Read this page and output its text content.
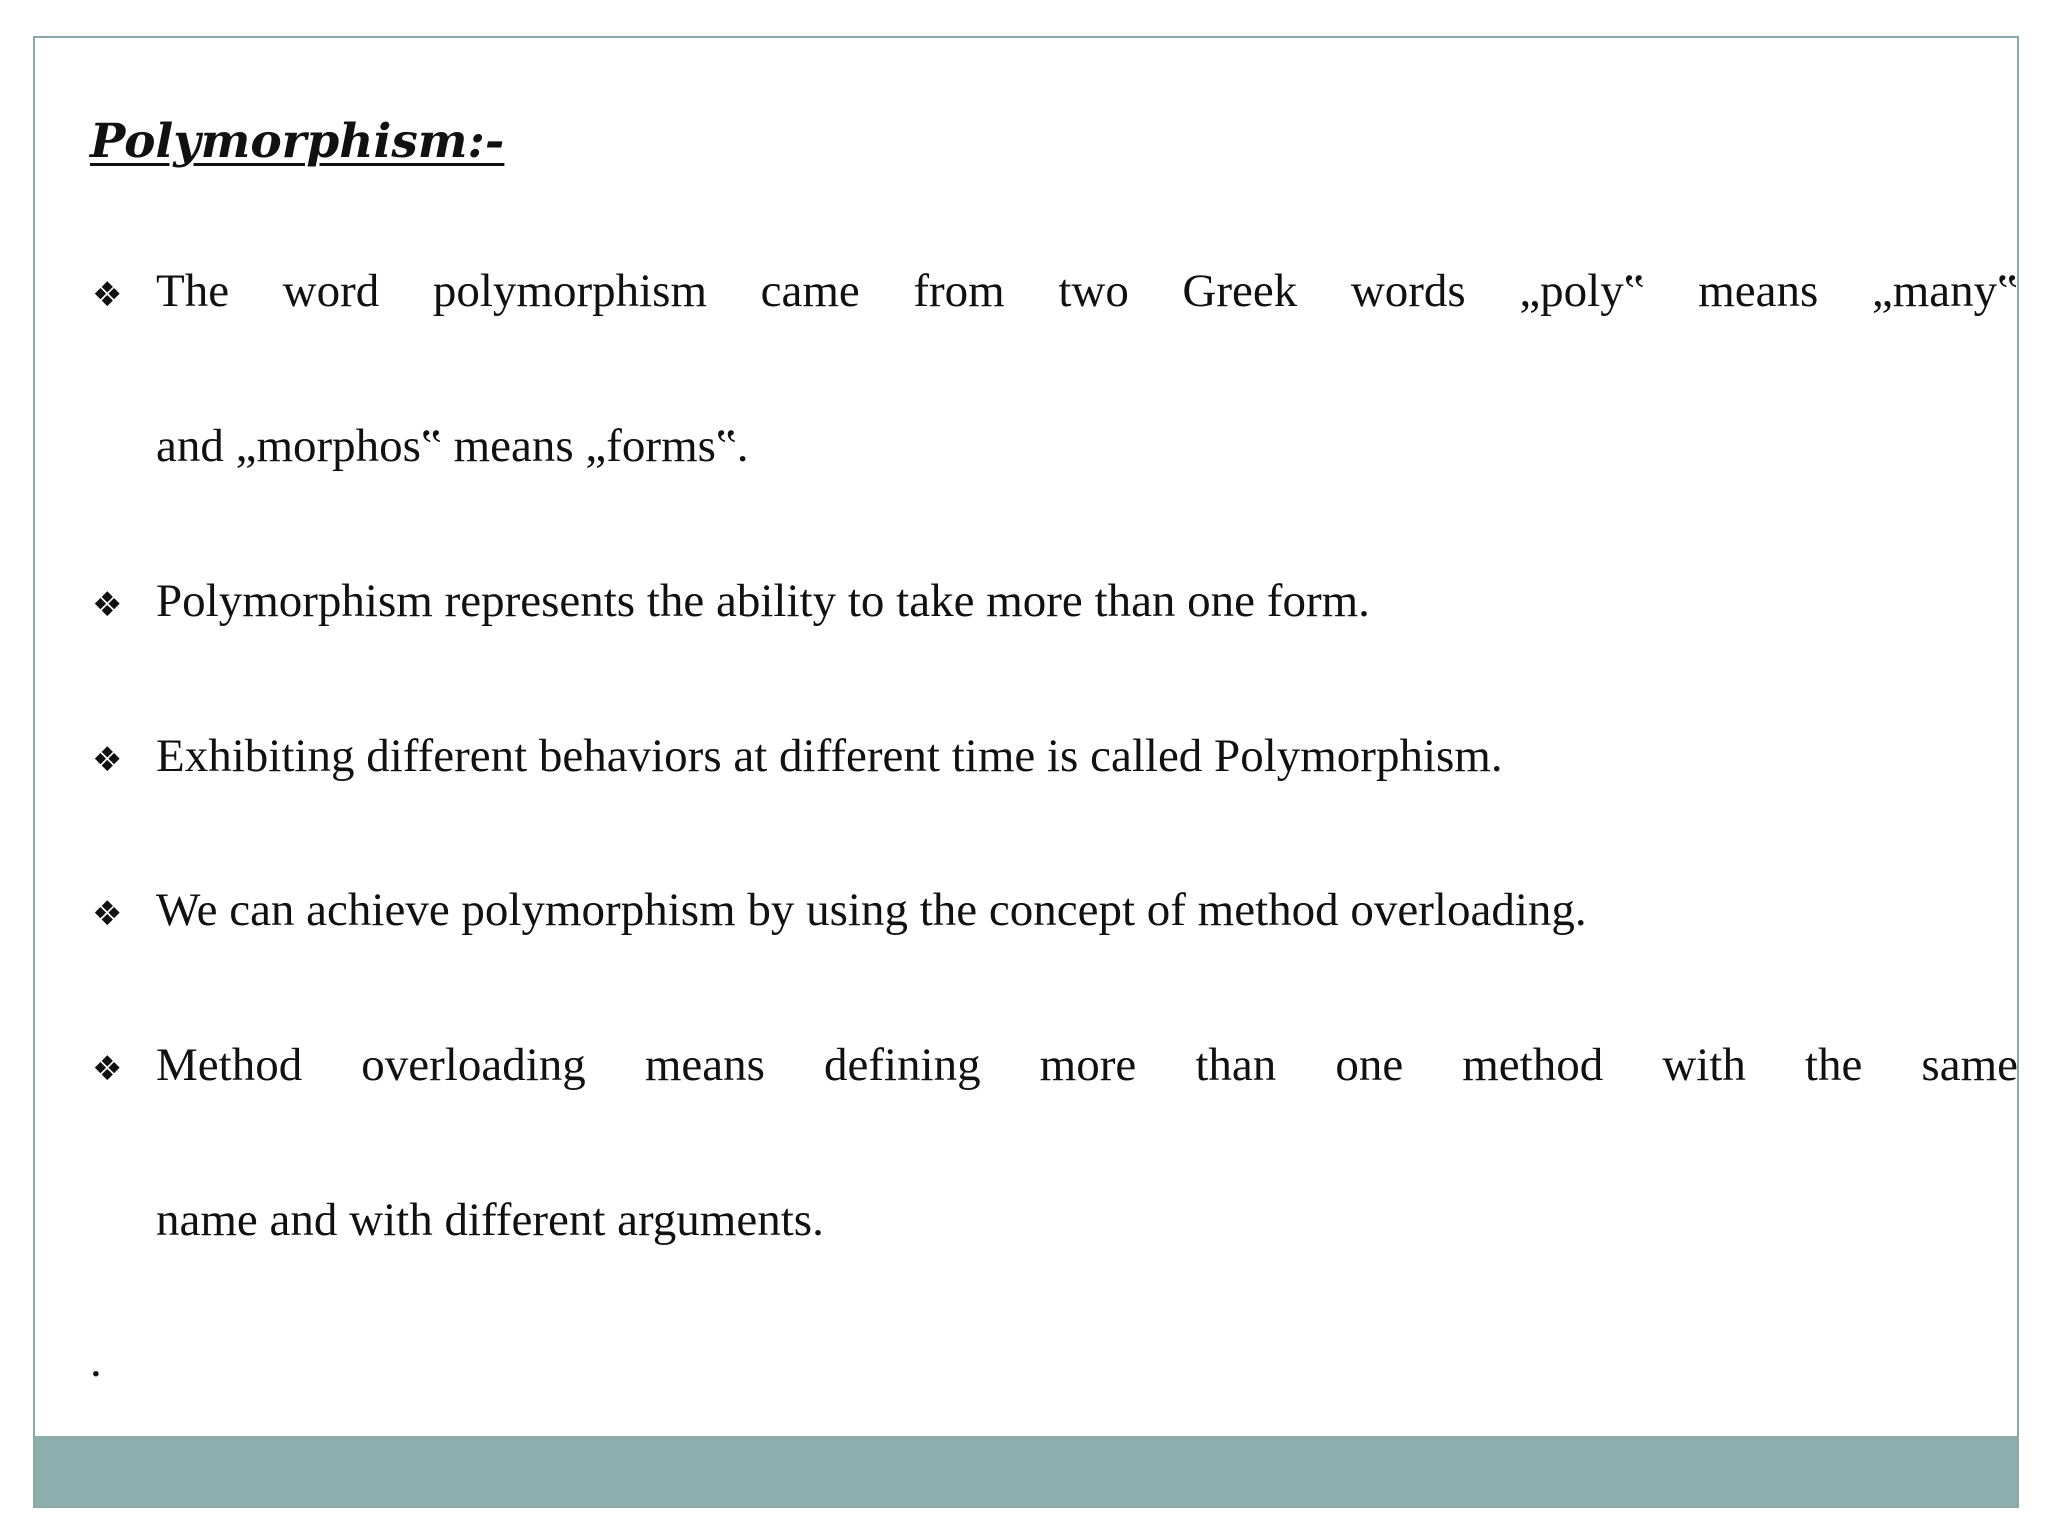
Polymorphism:-
❖ The word polymorphism came from two Greek words „poly‟ means „many‟
and „morphos‟ means „forms‟.
❖ Polymorphism represents the ability to take more than one form.
❖ Exhibiting different behaviors at different time is called Polymorphism.
❖ We can achieve polymorphism by using the concept of method overloading.
❖ Method overloading means defining more than one method with the same
name and with different arguments.
.
